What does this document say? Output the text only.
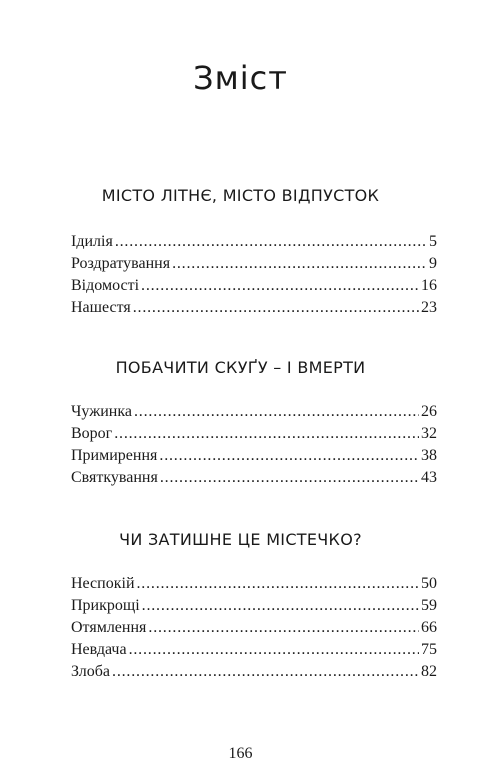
Зміст
МІСТО ЛІТНЄ, МІСТО ВІДПУСТОК
Ідилія . . .	5
Роздратування . . .	9
Відомості . . .	16
Нашестя . . .	23
ПОБАЧИТИ СКУҐУ – І ВМЕРТИ
Чужинка . . .	26
Ворог . . .	32
Примирення . . .	38
Святкування . . .	43
ЧИ ЗАТИШНЕ ЦЕ МІСТЕЧКО?
Неспокій . . .	50
Прикрощі . . .	59
Отямлення . . .	66
Невдача . . .	75
Злоба . . .	82
166
